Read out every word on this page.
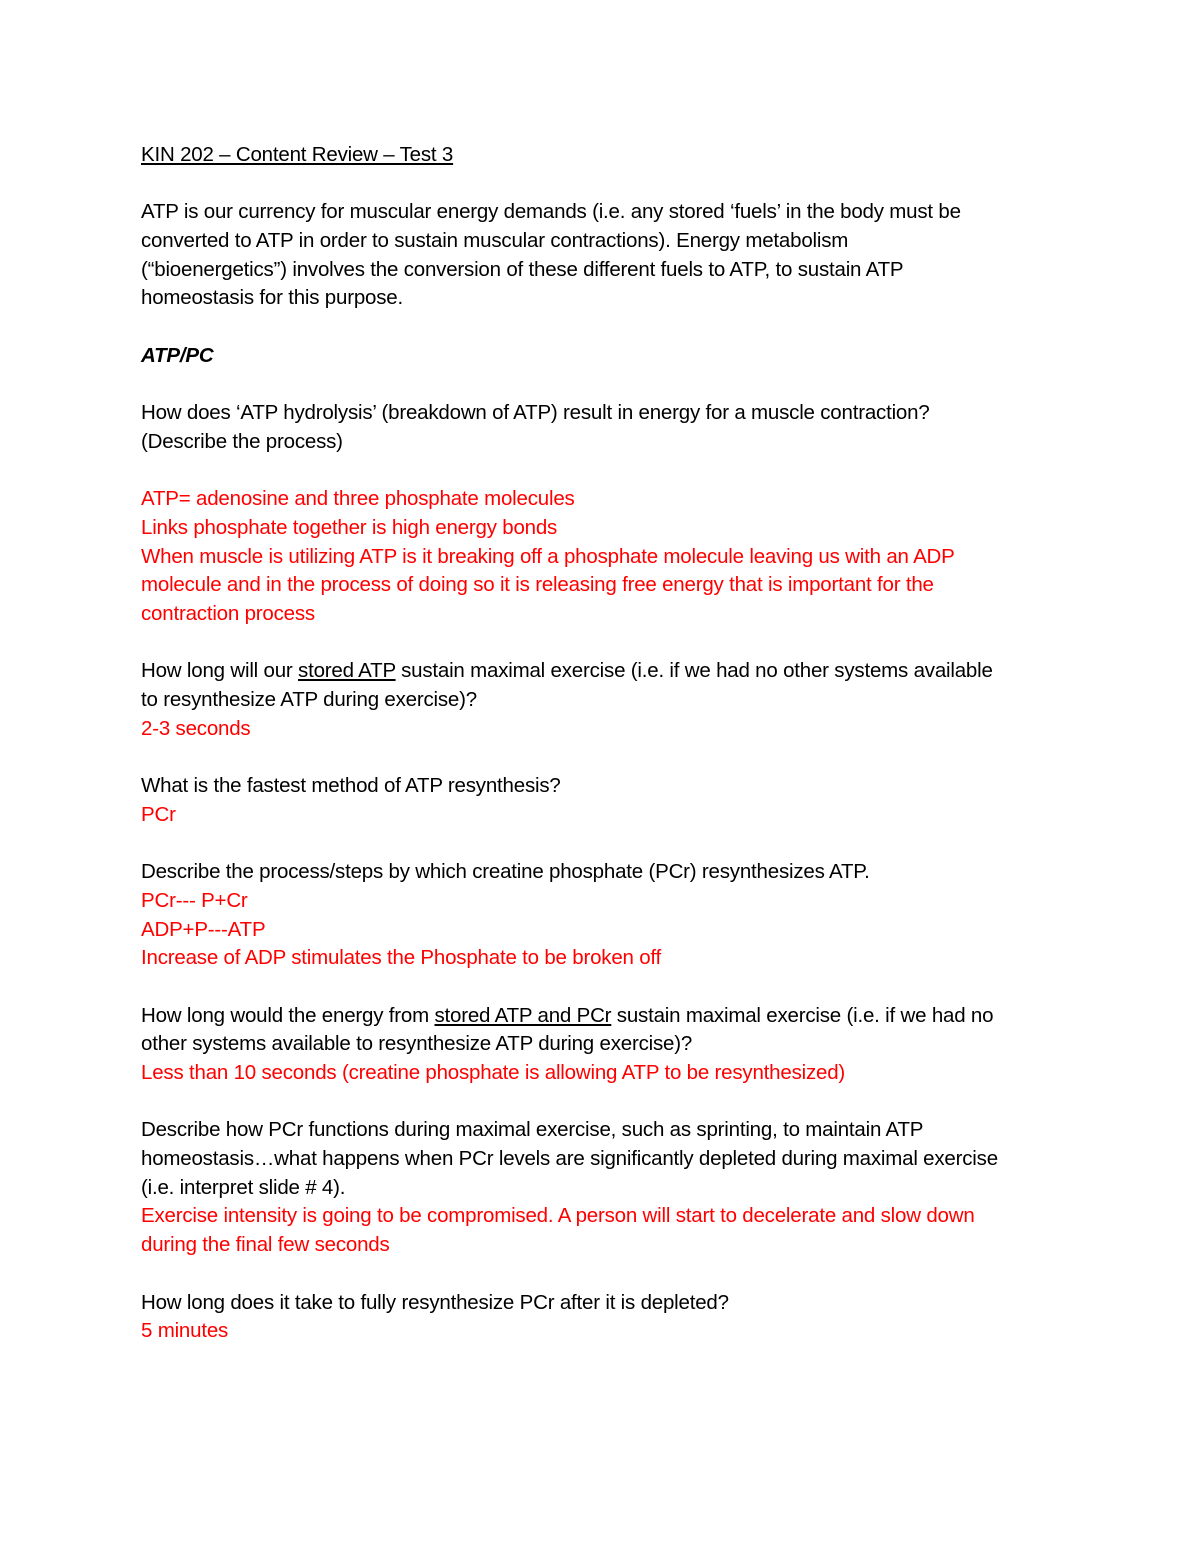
KIN 202 – Content Review – Test 3
ATP is our currency for muscular energy demands (i.e. any stored ‘fuels’ in the body must be
converted to ATP in order to sustain muscular contractions). Energy metabolism
(“bioenergetics”) involves the conversion of these different fuels to ATP, to sustain ATP
homeostasis for this purpose.
ATP/PC
How does ‘ATP hydrolysis’ (breakdown of ATP) result in energy for a muscle contraction?
(Describe the process)
ATP= adenosine and three phosphate molecules
Links phosphate together is high energy bonds
When muscle is utilizing ATP is it breaking off a phosphate molecule leaving us with an ADP
molecule and in the process of doing so it is releasing free energy that is important for the
contraction process
How long will our stored ATP sustain maximal exercise (i.e. if we had no other systems available
to resynthesize ATP during exercise)?
2-3 seconds
What is the fastest method of ATP resynthesis?
PCr
Describe the process/steps by which creatine phosphate (PCr) resynthesizes ATP.
PCr--- P+Cr
ADP+P---ATP
Increase of ADP stimulates the Phosphate to be broken off
How long would the energy from stored ATP and PCr sustain maximal exercise (i.e. if we had no
other systems available to resynthesize ATP during exercise)?
Less than 10 seconds (creatine phosphate is allowing ATP to be resynthesized)
Describe how PCr functions during maximal exercise, such as sprinting, to maintain ATP
homeostasis…what happens when PCr levels are significantly depleted during maximal exercise
(i.e. interpret slide # 4).
Exercise intensity is going to be compromised. A person will start to decelerate and slow down
during the final few seconds
How long does it take to fully resynthesize PCr after it is depleted?
5 minutes
